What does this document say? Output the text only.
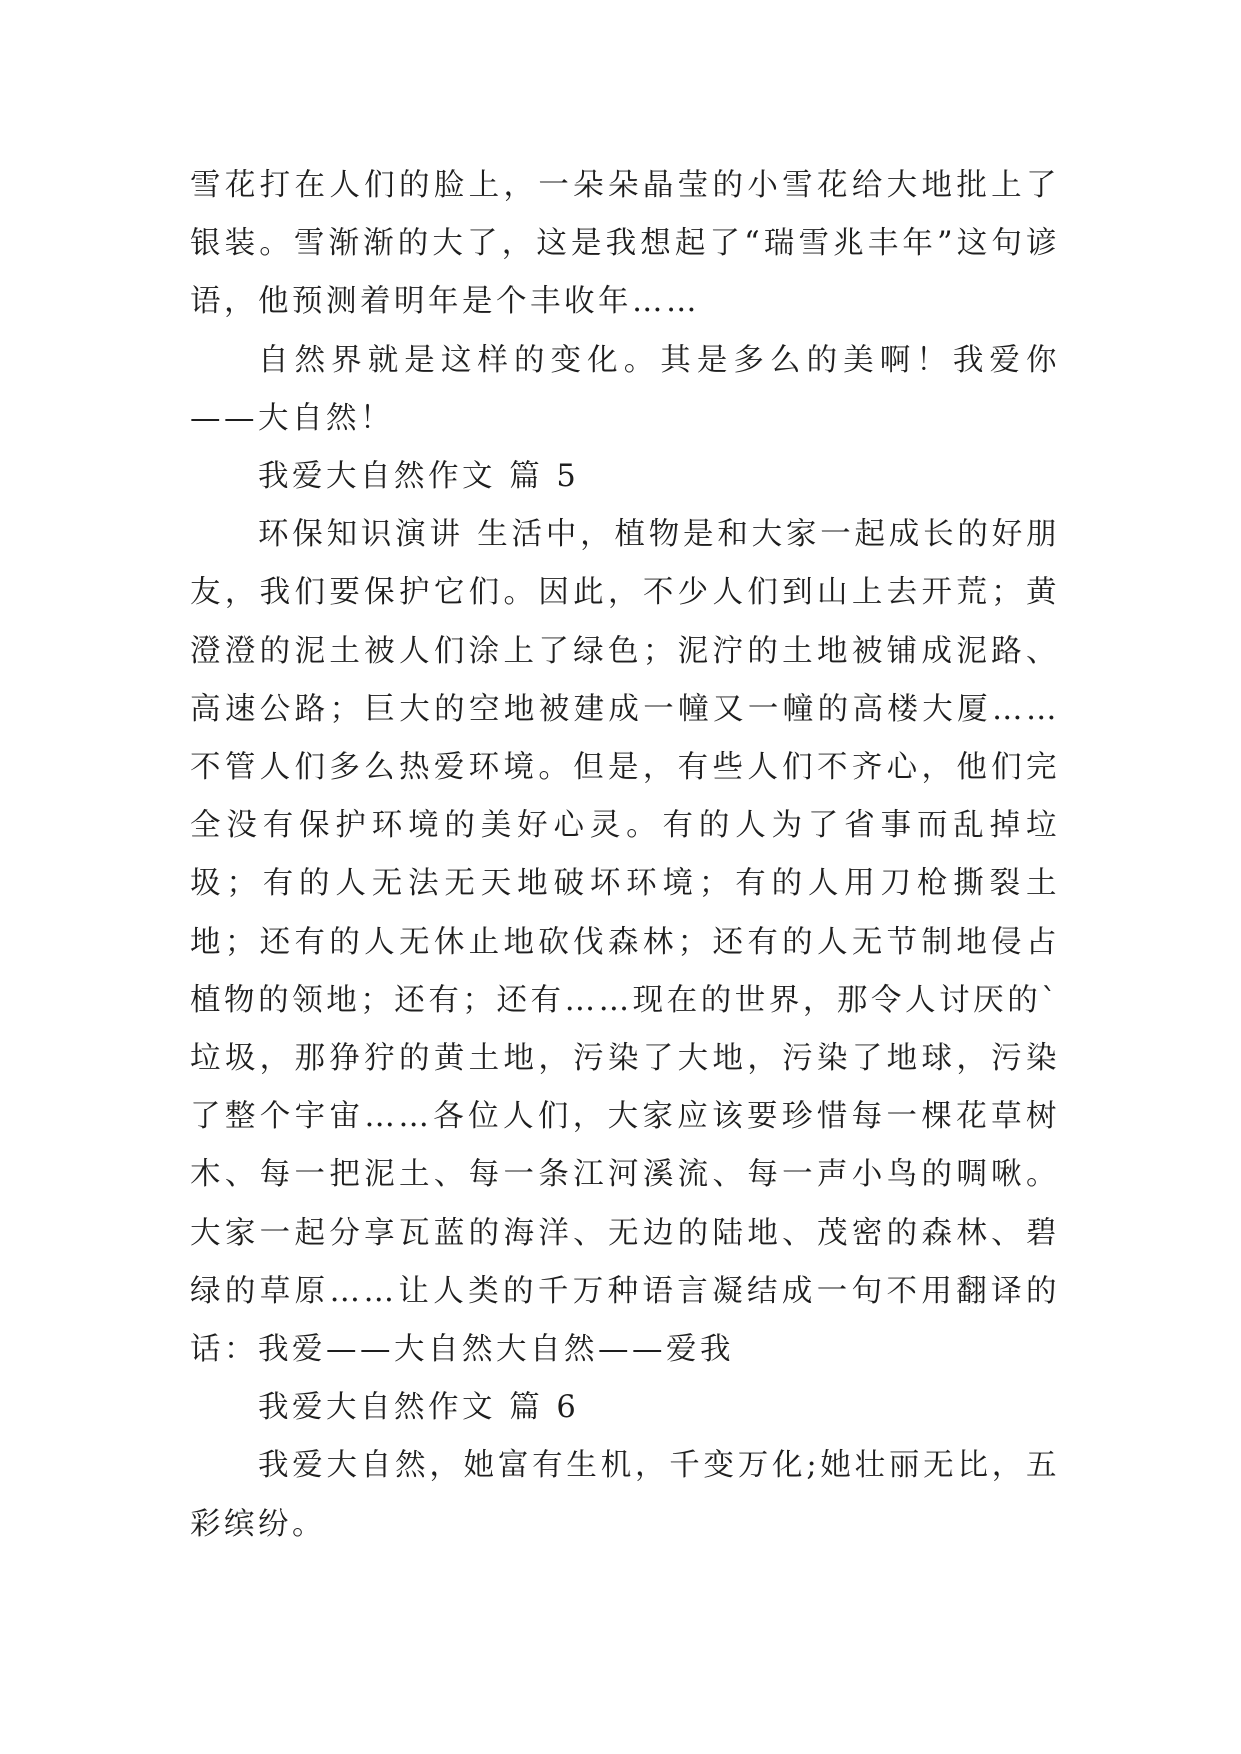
雪花打在人们的脸上，一朵朵晶莹的小雪花给大地批上了银装。雪渐渐的大了，这是我想起了“瑞雪兆丰年”这句谚语，他预测着明年是个丰收年……

自然界就是这样的变化。其是多么的美啊！我爱你——大自然！

我爱大自然作文 篇 5

环保知识演讲 生活中，植物是和大家一起成长的好朋友，我们要保护它们。因此，不少人们到山上去开荒；黄澄澄的泥土被人们涂上了绿色；泥泞的土地被铺成泥路、高速公路；巨大的空地被建成一幢又一幢的高楼大厦……不管人们多么热爱环境。但是，有些人们不齐心，他们完全没有保护环境的美好心灵。有的人为了省事而乱掉垃圾；有的人无法无天地破坏环境；有的人用刀枪撕裂土地；还有的人无休止地砍伐森林；还有的人无节制地侵占植物的领地；还有；还有……现在的世界，那令人讨厌的`垃圾，那狰狞的黄土地，污染了大地，污染了地球，污染了整个宇宙……各位人们，大家应该要珍惜每一棵花草树木、每一把泥土、每一条江河溪流、每一声小鸟的啁啾。大家一起分享瓦蓝的海洋、无边的陆地、茂密的森林、碧绿的草原……让人类的千万种语言凝结成一句不用翻译的话：我爱——大自然大自然——爱我

我爱大自然作文 篇 6

我爱大自然，她富有生机，千变万化;她壮丽无比，五彩缤纷。
